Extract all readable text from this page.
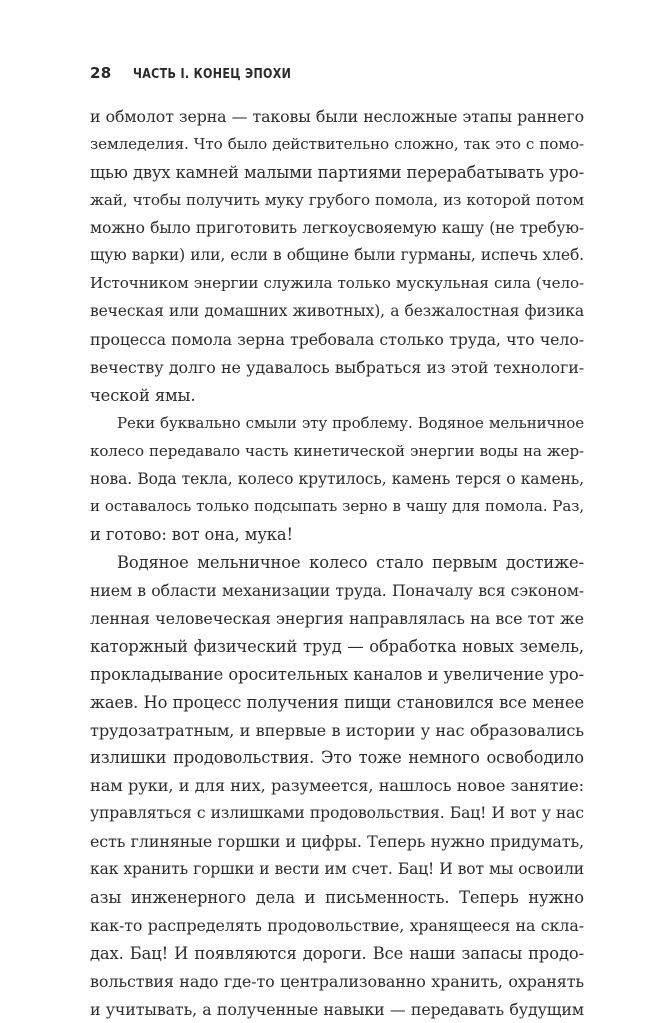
28 ЧАСТЬ I. КОНЕЦ ЭПОХИ
и обмолот зерна — таковы были несложные этапы раннего
земледелия. Что было действительно сложно, так это с помо-
щью двух камней малыми партиями перерабатывать уро-
жай, чтобы получить муку грубого помола, из которой потом
можно было приготовить легкоусвояемую кашу (не требую-
щую варки) или, если в общине были гурманы, испечь хлеб.
Источником энергии служила только мускульная сила (чело-
веческая или домашних животных), а безжалостная физика
процесса помола зерна требовала столько труда, что чело-
вечеству долго не удавалось выбраться из этой технологи-
ческой ямы.
Реки буквально смыли эту проблему. Водяное мельничное
колесо передавало часть кинетической энергии воды на жер-
нова. Вода текла, колесо крутилось, камень терся о камень,
и оставалось только подсыпать зерно в чашу для помола. Раз,
и готово: вот она, мука!
Водяное мельничное колесо стало первым достиже-
нием в области механизации труда. Поначалу вся сэконом-
ленная человеческая энергия направлялась на все тот же
каторжный физический труд — обработка новых земель,
прокладывание оросительных каналов и увеличение уро-
жаев. Но процесс получения пищи становился все менее
трудозатратным, и впервые в истории у нас образовались
излишки продовольствия. Это тоже немного освободило
нам руки, и для них, разумеется, нашлось новое занятие:
управляться с излишками продовольствия. Бац! И вот у нас
есть глиняные горшки и цифры. Теперь нужно придумать,
как хранить горшки и вести им счет. Бац! И вот мы освоили
азы инженерного дела и письменность. Теперь нужно
как-то распределять продовольствие, хранящееся на скла-
дах. Бац! И появляются дороги. Все наши запасы продо-
вольствия надо где-то централизованно хранить, охранять
и учитывать, а полученные навыки — передавать будущим
